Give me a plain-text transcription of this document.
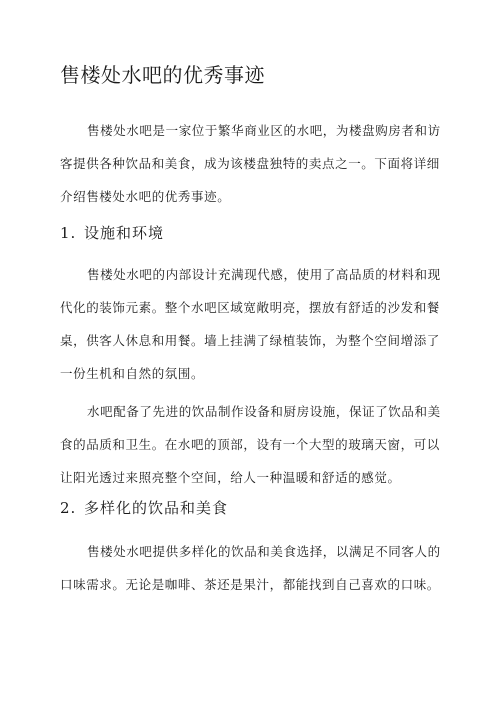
售楼处水吧的优秀事迹

售楼处水吧是一家位于繁华商业区的水吧，为楼盘购房者和访
客提供各种饮品和美食，成为该楼盘独特的卖点之一。下面将详细
介绍售楼处水吧的优秀事迹。

1. 设施和环境

售楼处水吧的内部设计充满现代感，使用了高品质的材料和现
代化的装饰元素。整个水吧区域宽敞明亮，摆放有舒适的沙发和餐
桌，供客人休息和用餐。墙上挂满了绿植装饰，为整个空间增添了
一份生机和自然的氛围。

水吧配备了先进的饮品制作设备和厨房设施，保证了饮品和美
食的品质和卫生。在水吧的顶部，设有一个大型的玻璃天窗，可以
让阳光透过来照亮整个空间，给人一种温暖和舒适的感觉。

2. 多样化的饮品和美食

售楼处水吧提供多样化的饮品和美食选择，以满足不同客人的
口味需求。无论是咖啡、茶还是果汁，都能找到自己喜欢的口味。
